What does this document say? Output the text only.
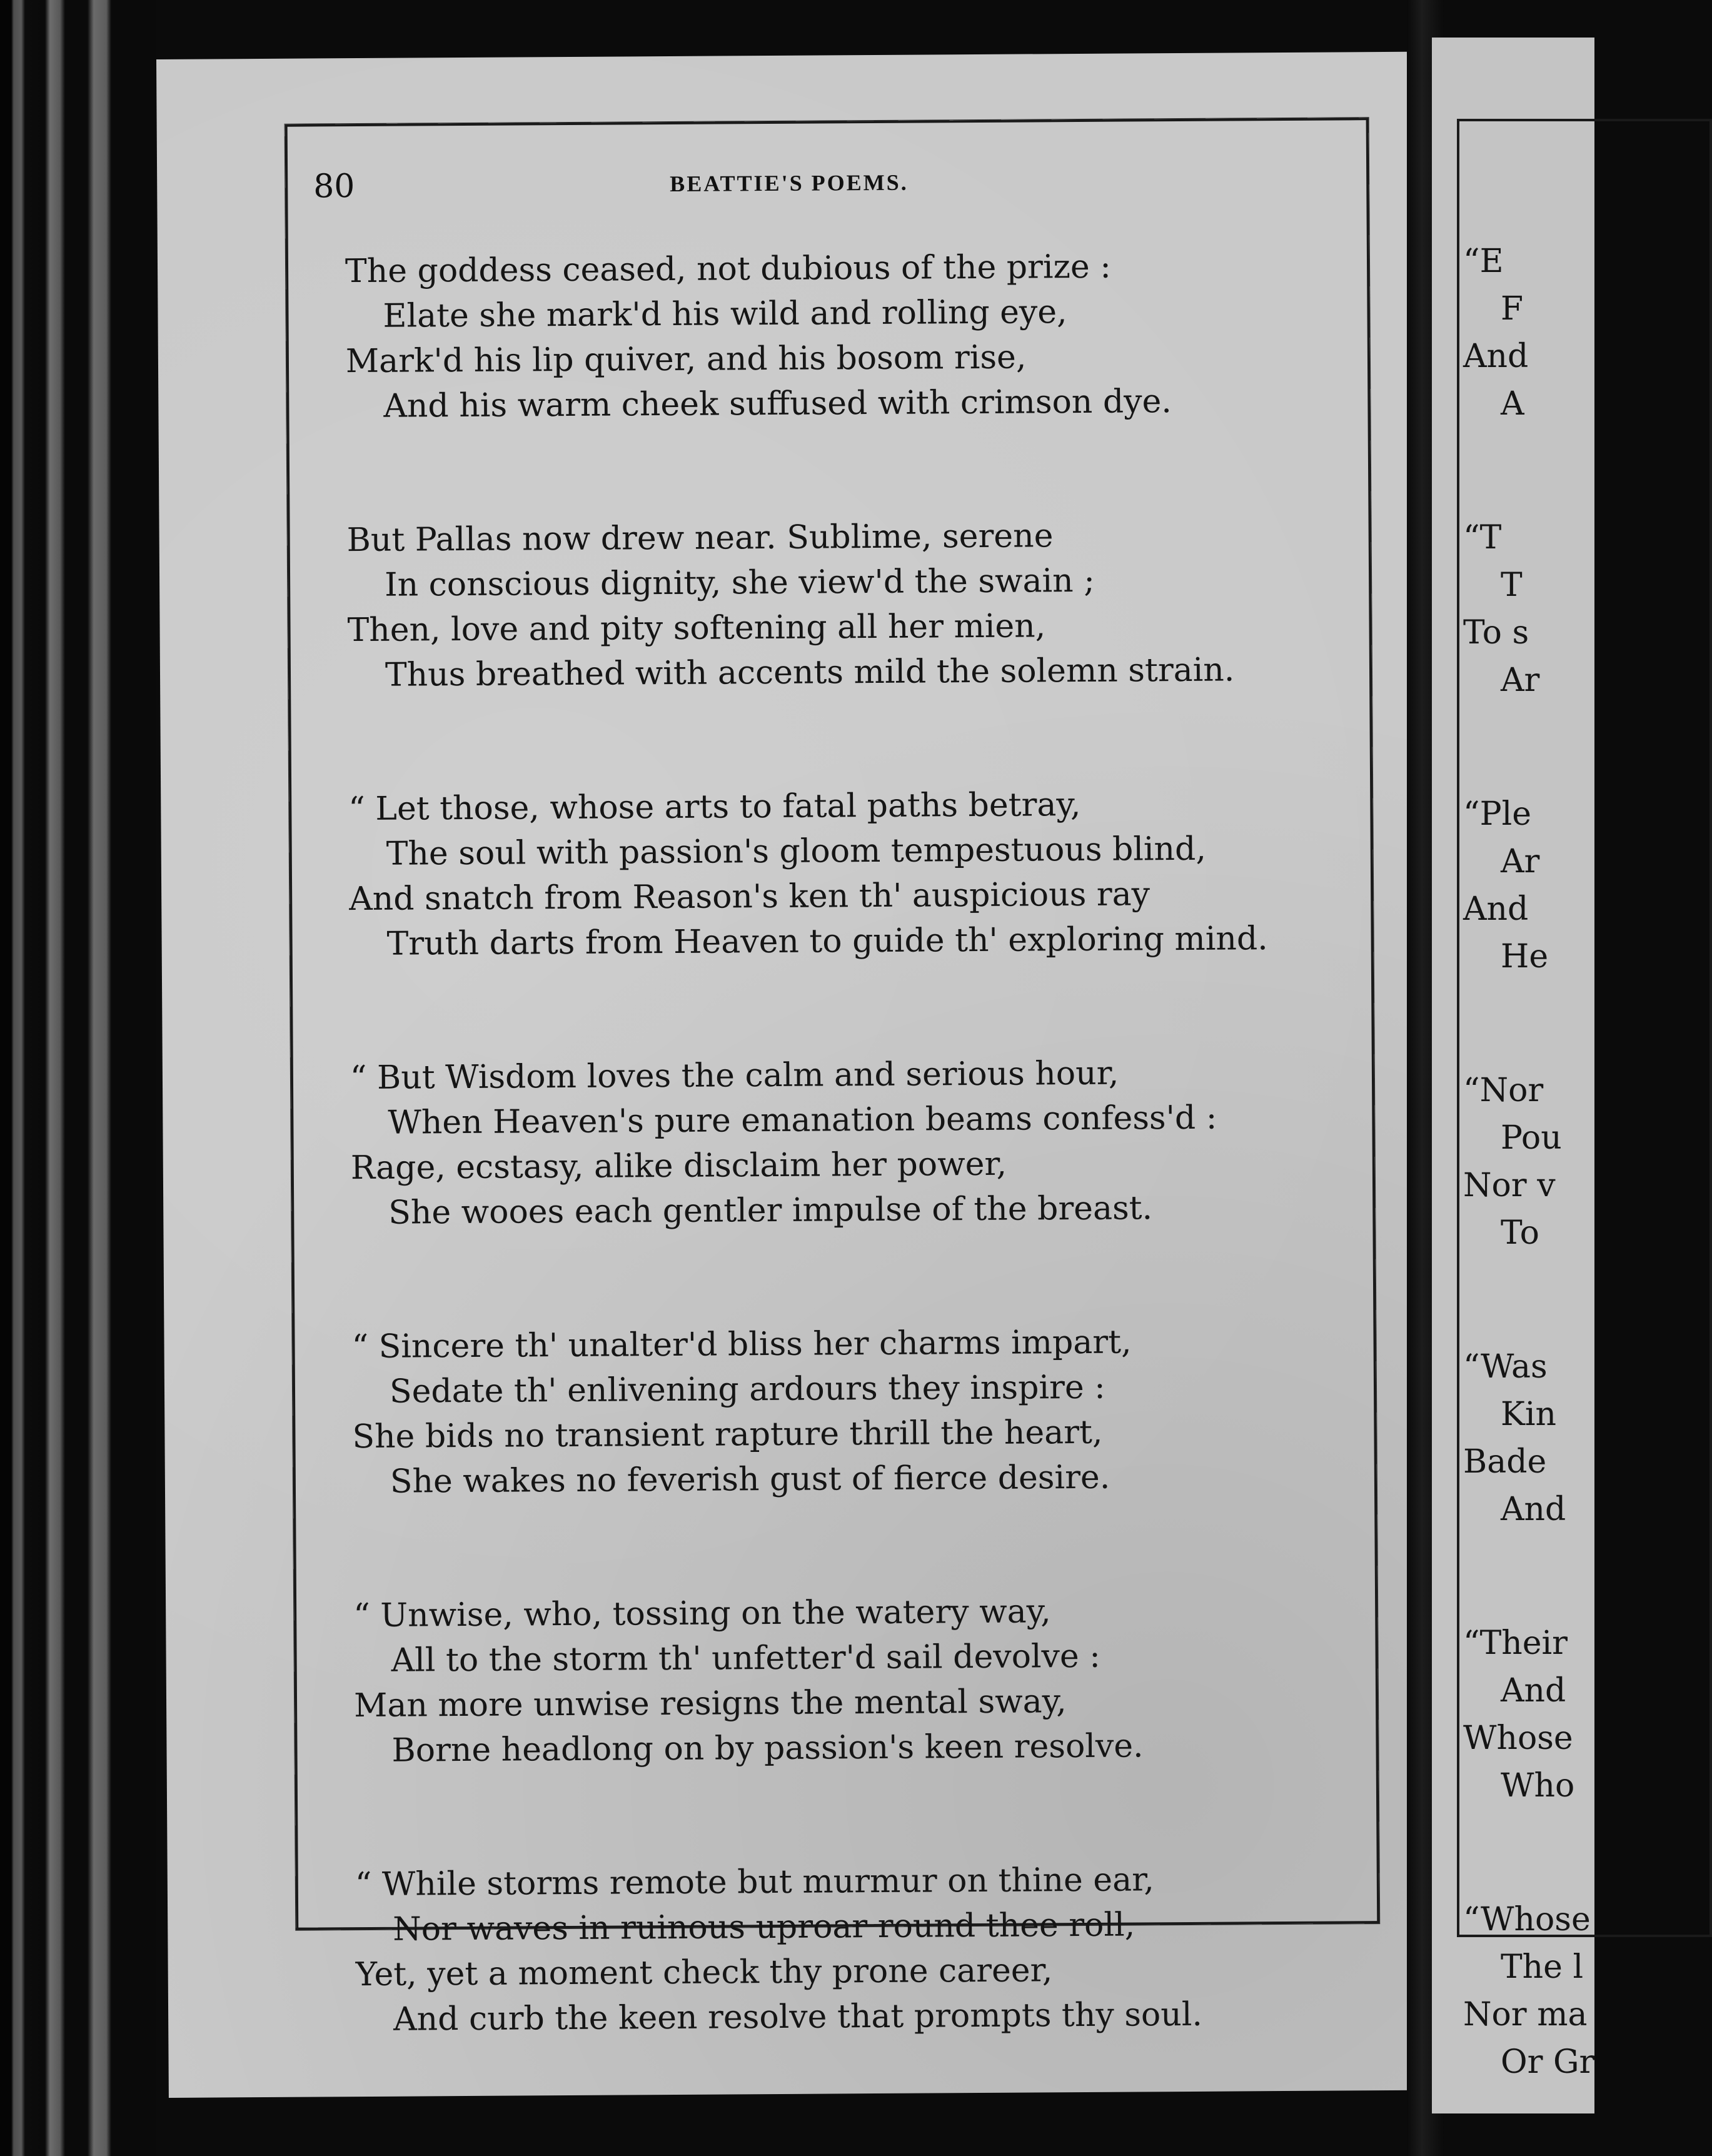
80	BEATTIE'S POEMS.
The goddess ceased, not dubious of the prize :
Elate she mark'd his wild and rolling eye,
Mark'd his lip quiver, and his bosom rise,
And his warm cheek suffused with crimson dye.
But Pallas now drew near. Sublime, serene
In conscious dignity, she view'd the swain ;
Then, love and pity softening all her mien,
Thus breathed with accents mild the solemn strain.
“ Let those, whose arts to fatal paths betray,
The soul with passion's gloom tempestuous blind,
And snatch from Reason's ken th' auspicious ray
Truth darts from Heaven to guide th' exploring mind.
“ But Wisdom loves the calm and serious hour,
When Heaven's pure emanation beams confess'd :
Rage, ecstasy, alike disclaim her power,
She wooes each gentler impulse of the breast.
“ Sincere th' unalter'd bliss her charms impart,
Sedate th' enlivening ardours they inspire :
She bids no transient rapture thrill the heart,
She wakes no feverish gust of fierce desire.
“ Unwise, who, tossing on the watery way,
All to the storm th' unfetter'd sail devolve :
Man more unwise resigns the mental sway,
Borne headlong on by passion's keen resolve.
“ While storms remote but murmur on thine ear,
Nor waves in ruinous uproar round thee roll,
Yet, yet a moment check thy prone career,
And curb the keen resolve that prompts thy soul.
“E
F
And
A
“T
T
To s
Ar
“Ple
Ar
And
He
“Nor
Pou
Nor v
To
“Was
Kin
Bade
And
“Their
And
Whose
Who
“Whose
The l
Nor ma
Or Gr
